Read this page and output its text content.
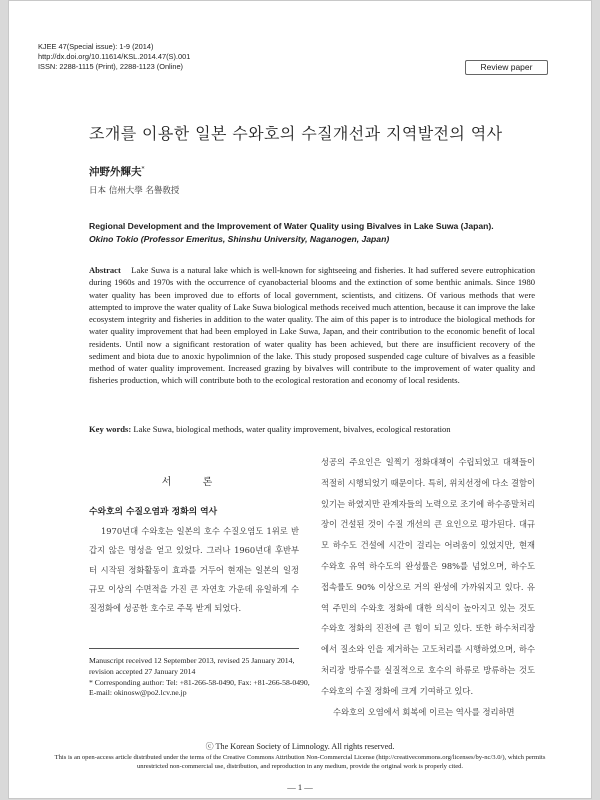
KJEE 47(Special issue): 1-9 (2014)
http://dx.doi.org/10.11614/KSL.2014.47(S).001
ISSN: 2288-1115 (Print), 2288-1123 (Online)	Review paper
조개를 이용한 일본 수와호의 수질개선과 지역발전의 역사
沖野外輝夫*
日本 信州大學 名譽敎授
Regional Development and the Improvement of Water Quality using Bivalves in Lake Suwa (Japan).
Okino Tokio (Professor Emeritus, Shinshu University, Naganogen, Japan)
Abstract Lake Suwa is a natural lake which is well-known for sightseeing and fisheries. It had suffered severe eutrophication during 1960s and 1970s with the occurrence of cyanobacterial blooms and the extinction of some benthic animals. Since 1980 water quality has been improved due to efforts of local government, scientists, and citizens. Of various methods that were attempted to improve the water quality of Lake Suwa biological methods received much attention, because it can improve the lake ecosystem integrity and fisheries in addition to the water quality. The aim of this paper is to introduce the biological methods for water quality improvement that had been employed in Lake Suwa, Japan, and their contribution to the economic benefit of local residents. Until now a significant restoration of water quality has been achieved, but there are insufficient recovery of the sediment and biota due to anoxic hypolimnion of the lake. This study proposed suspended cage culture of bivalves as a feasible method of water quality improvement. Increased grazing by bivalves will contribute to the improvement of water quality and fisheries production, which will contribute both to the ecological restoration and economy of local residents.
Key words: Lake Suwa, biological methods, water quality improvement, bivalves, ecological restoration
서 론
수와호의 수질오염과 정화의 역사

1970년대 수와호는 일본의 호수 수질오염도 1위로 반갑지 않은 명성을 얻고 있었다. 그러나 1960년대 후반부터 시작된 정화활동이 효과를 거두어 현재는 일본의 일정규모 이상의 수면적을 가진 큰 자연호 가운데 유일하게 수질정화에 성공한 호수로 주목 받게 되었다.

Manuscript received 12 September 2013, revised 25 January 2014,
revision accepted 27 January 2014
* Corresponding author: Tel: +81-266-58-0490, Fax: +81-266-58-0490,
E-mail: okinosw@po2.lcv.ne.jp

성공의 주요인은 일찍기 정화대책이 수립되었고 대책들이 적절히 시행되었기 때문이다. 특히, 위치선정에 다소 결함이 있기는 하였지만 관계자들의 노력으로 조기에 하수종말처리장이 건설된 것이 수질 개선의 큰 요인으로 평가된다. 대규모 하수도 건설에 시간이 걸리는 어려움이 있었지만, 현재 수와호 유역 하수도의 완성률은 98%를 넘었으며, 하수도 접속률도 90% 이상으로 거의 완성에 가까워지고 있다. 유역 주민의 수와호 정화에 대한 의식이 높아지고 있는 것도 수와호 정화의 진전에 큰 힘이 되고 있다. 또한 하수처리장에서 질소와 인을 제거하는 고도처리를 시행하였으며, 하수처리장 방류수를 실질적으로 호수의 하류로 방류하는 것도 수와호의 수질 정화에 크게 기여하고 있다.

수와호의 오염에서 회복에 이르는 역사를 정리하면

ⓒ The Korean Society of Limnology. All rights reserved.
This is an open-access article distributed under the terms of the Creative Commons Attribution Non-Commercial License (http://creativecommons.org/licenses/by-nc/3.0/), which permits unrestricted non-commercial use, distribution, and reproduction in any medium, provide the original work is properly cited.
— 1 —
